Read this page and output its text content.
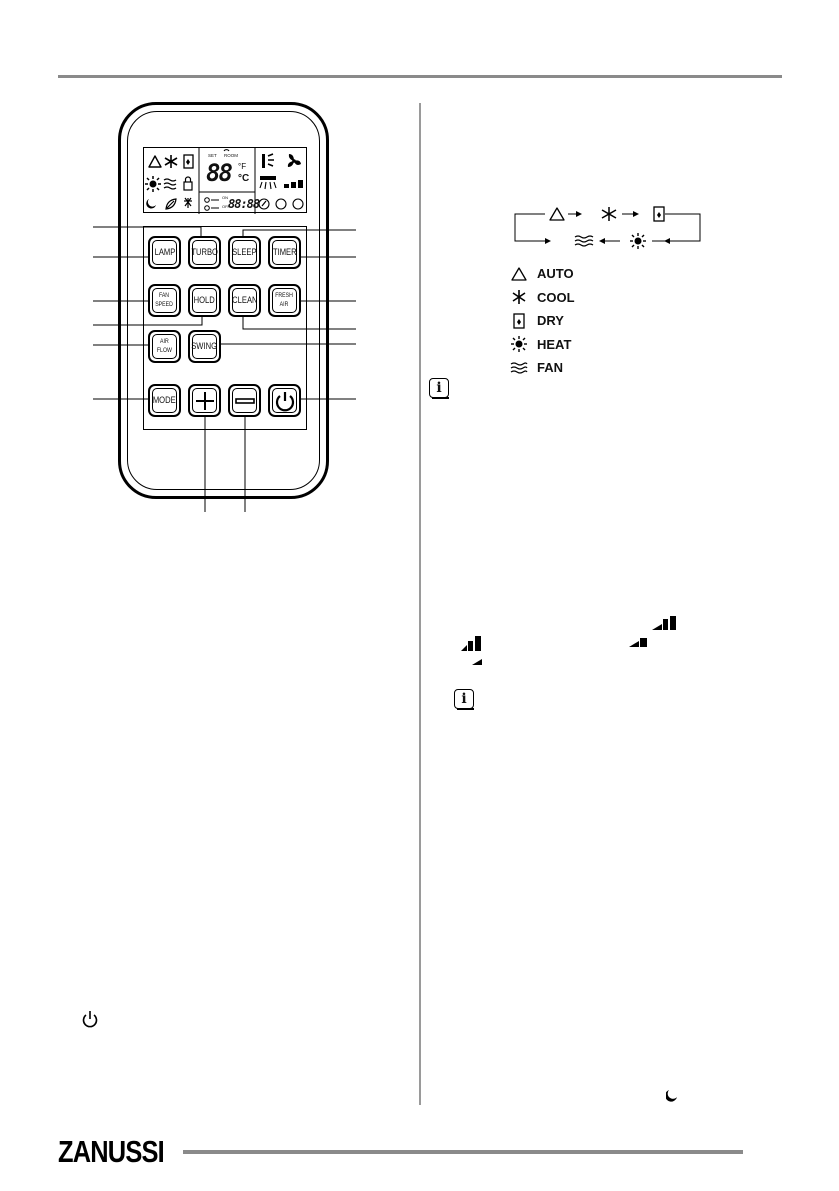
SET ROOM
88 °F
°C
ON
OFF
88:88
LAMP TURBO SLEEP TIMER
FAN
SPEED HOLD CLEAN	FRESH
AIR
AIR
FLOW SWING
MODE
AUTO
COOL
DRY
HEAT
FAN
i
i
ZANUSSI
